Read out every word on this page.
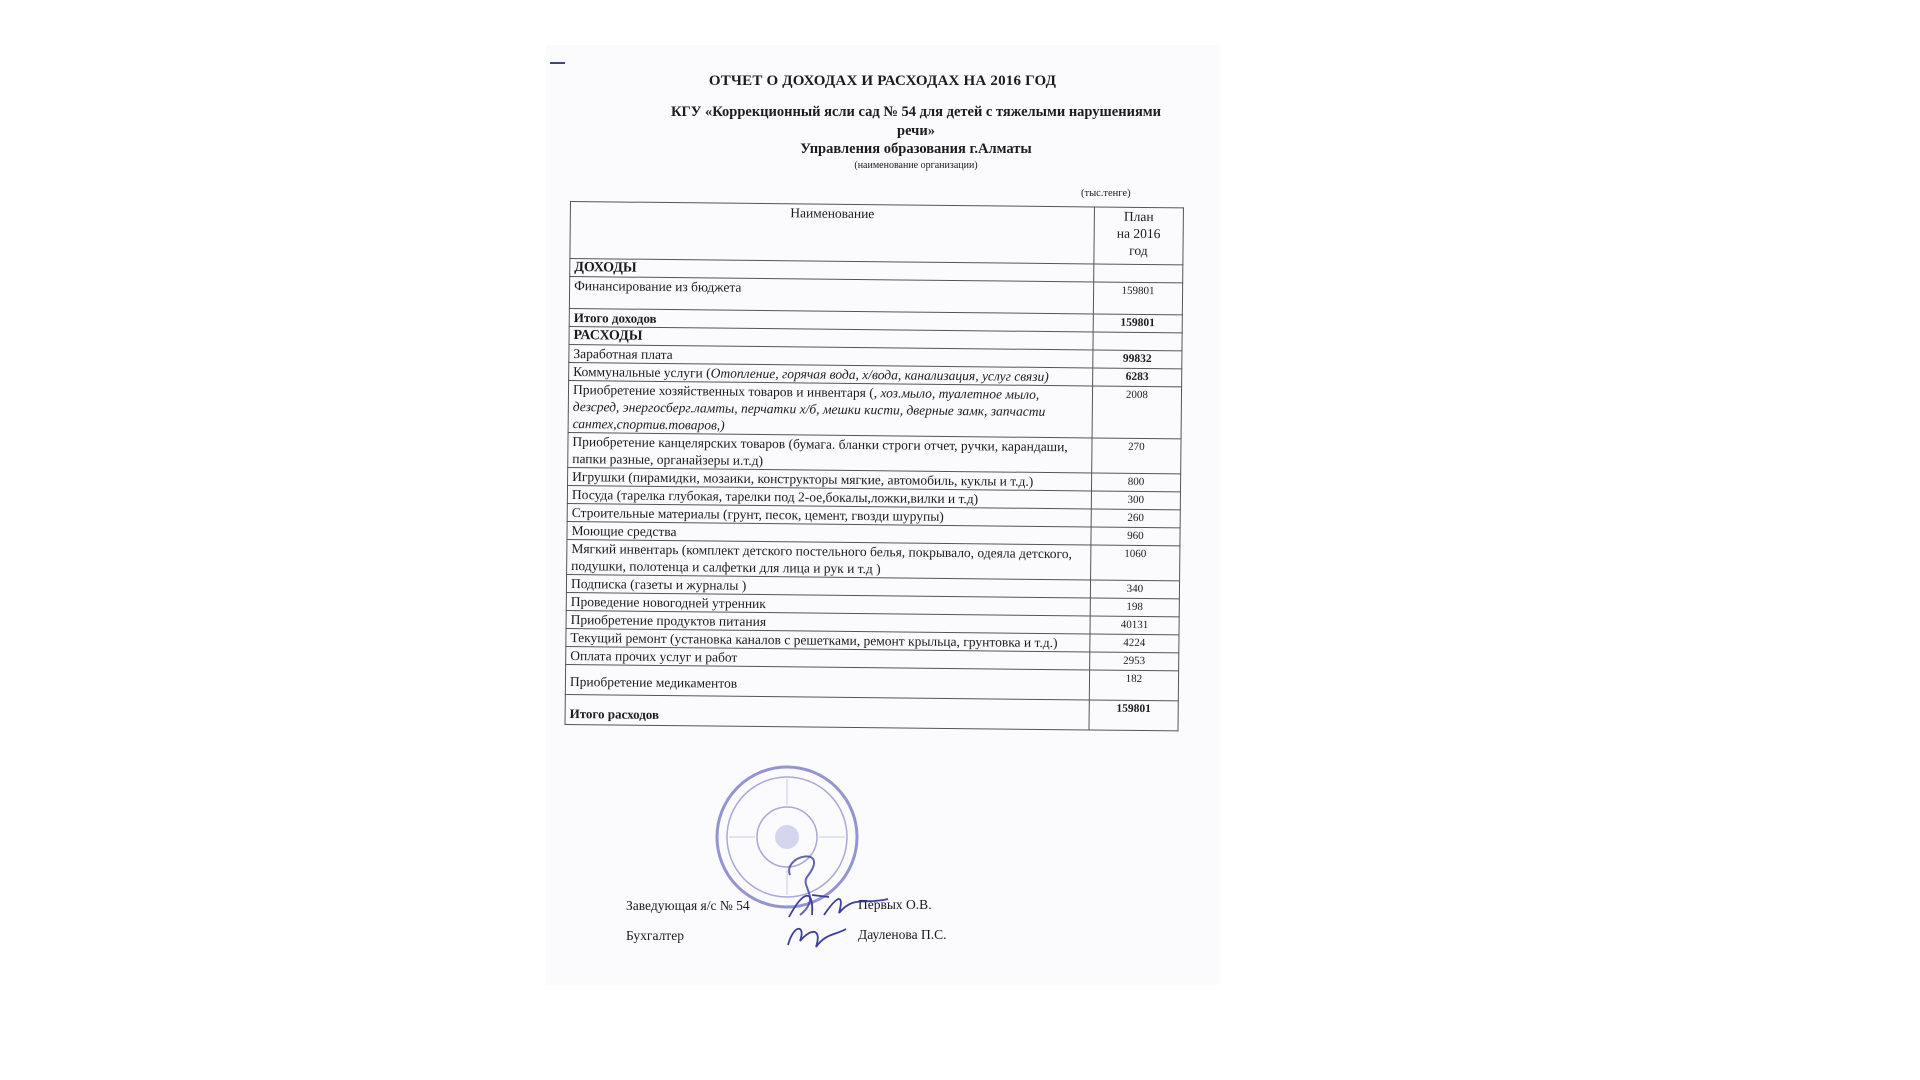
ОТЧЕТ О ДОХОДАХ И РАСХОДАХ НА 2016 ГОД
КГУ «Коррекционный ясли сад № 54 для детей с тяжелыми нарушениями
речи»
Управления образования г.Алматы
(наименование организации)
(тыс.тенге)
Наименование	План
на 2016
год

ДОХОДЫ	
Финансирование из бюджета	159801
Итого доходов	159801
РАСХОДЫ	
Заработная плата	99832
Коммунальные услуги (Отопление, горячая вода, х/вода, канализация, услуг связи)	6283
Приобретение хозяйственных товаров и инвентаря (, хоз.мыло, туалетное мыло, дезсред, энергосберг.ламты, перчатки х/б, мешки кисти, дверные замк, запчасти сантех,спортив.товаров,)	2008
Приобретение канцелярских товаров (бумага. бланки строги отчет, ручки, карандаши, папки разные, органайзеры и.т.д)	270
Игрушки (пирамидки, мозаики, конструкторы мягкие, автомобиль, куклы и т.д.)	800
Посуда (тарелка глубокая, тарелки под 2-ое,бокалы,ложки,вилки и т.д)	300
Строительные материалы (грунт, песок, цемент, гвозди шурупы)	260
Моющие средства	960
Мягкий инвентарь (комплект детского постельного белья, покрывало, одеяла детского, подушки, полотенца и салфетки для лица и рук и т.д )	1060
Подписка (газеты и журналы )	340
Проведение новогодней утренник	198
Приобретение продуктов питания	40131
Текущий ремонт (установка каналов с решетками, ремонт крыльца, грунтовка и т.д.)	4224
Оплата прочих услуг и работ	2953
Приобретение медикаментов	182
Итого расходов	159801
Заведующая я/с № 54	Первых О.В.
Бухгалтер	Дауленова П.С.
